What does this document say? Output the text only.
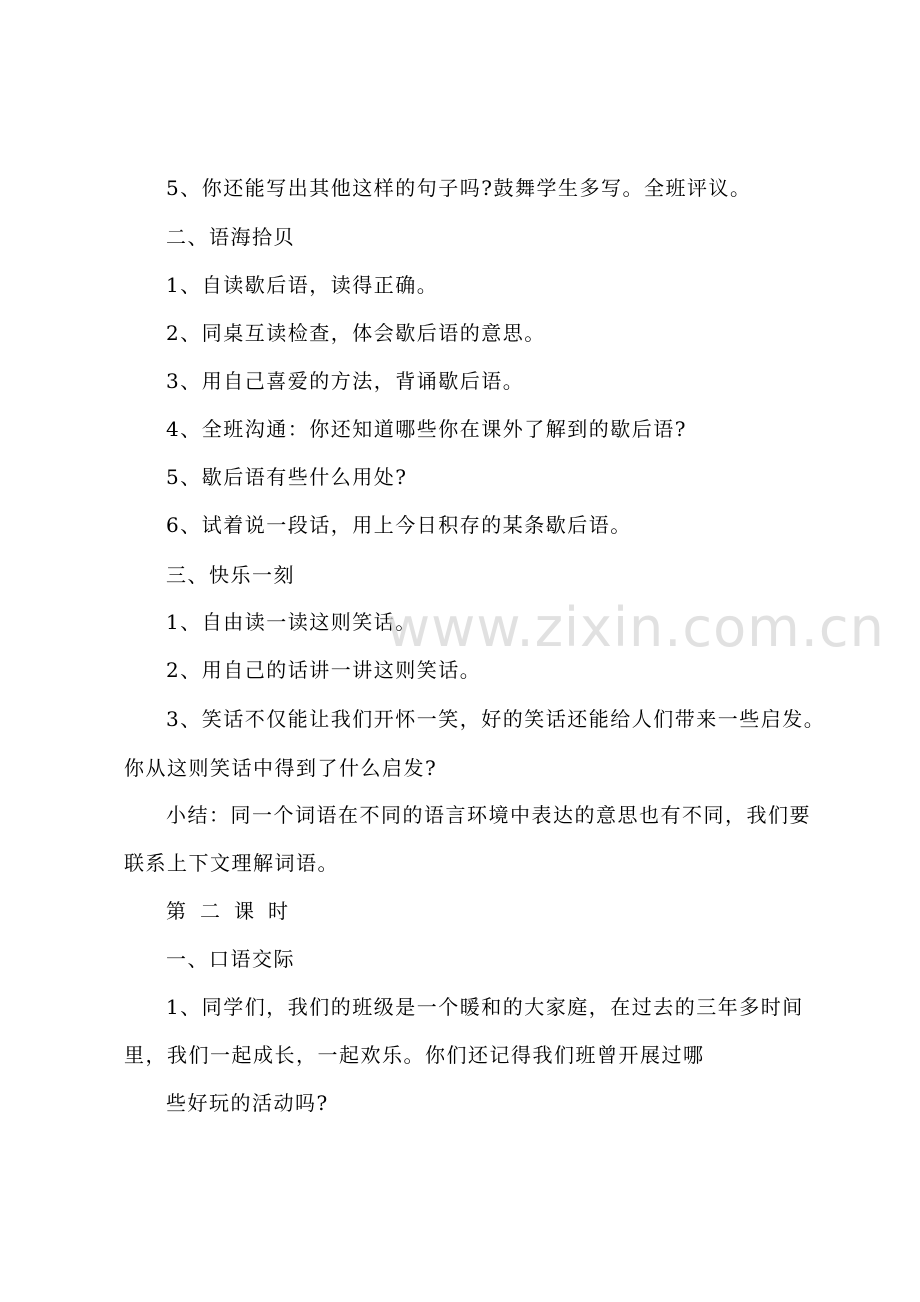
5、你还能写出其他这样的句子吗?鼓舞学生多写。全班评议。
二、语海拾贝
1、自读歇后语，读得正确。
2、同桌互读检查，体会歇后语的意思。
3、用自己喜爱的方法，背诵歇后语。
4、全班沟通：你还知道哪些你在课外了解到的歇后语?
5、歇后语有些什么用处?
6、试着说一段话，用上今日积存的某条歇后语。
三、快乐一刻
1、自由读一读这则笑话。
2、用自己的话讲一讲这则笑话。
3、笑话不仅能让我们开怀一笑，好的笑话还能给人们带来一些启发。
你从这则笑话中得到了什么启发?
小结：同一个词语在不同的语言环境中表达的意思也有不同，我们要
联系上下文理解词语。
第二课时
一、口语交际
1、同学们，我们的班级是一个暖和的大家庭，在过去的三年多时间
里，我们一起成长，一起欢乐。你们还记得我们班曾开展过哪
些好玩的活动吗?
www.zixin.com.cn
